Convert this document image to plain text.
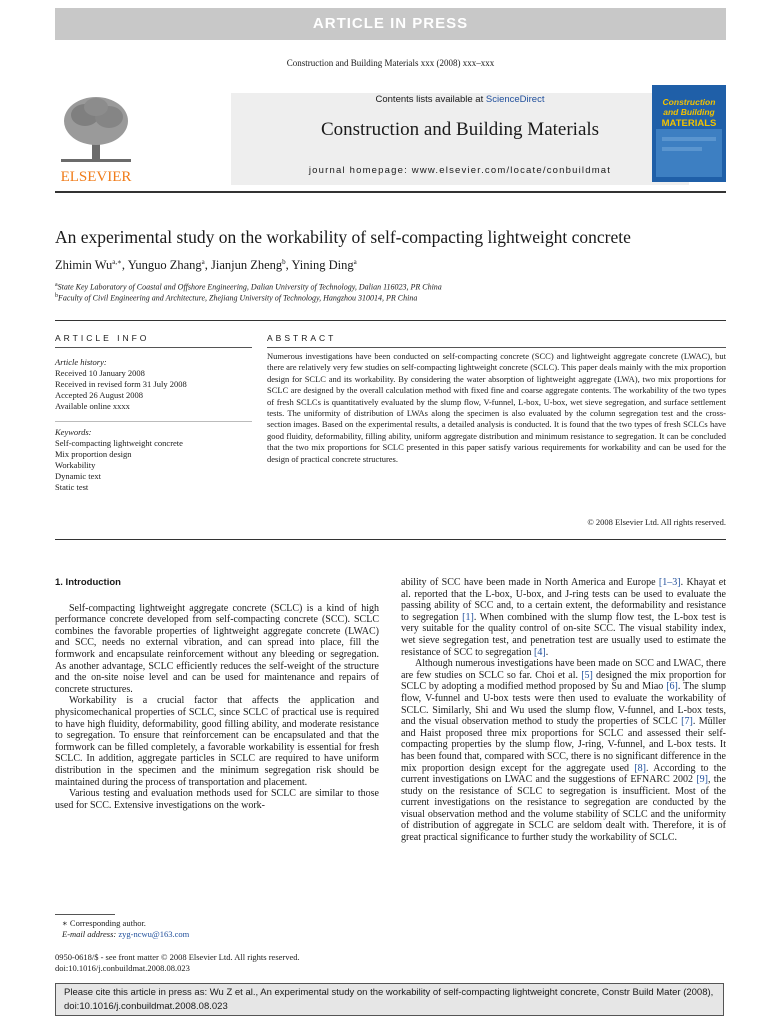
ARTICLE IN PRESS
Construction and Building Materials xxx (2008) xxx–xxx
ELSEVIER
Contents lists available at ScienceDirect
Construction and Building Materials
journal homepage: www.elsevier.com/locate/conbuildmat
Construction
and Building
MATERIALS
An experimental study on the workability of self-compacting lightweight concrete
Zhimin $Wu^{a,∗}$, Yunguo Zhang$^a$, Jianjun Zheng$^b$, Yining Ding$^a$
$^a$State Key Laboratory of Coastal and Offshore Engineering, Dalian University of Technology, Dalian 116023, PR China
$^b$Faculty of Civil Engineering and Architecture, Zhejiang University of Technology, Hangzhou 310014, PR China
ARTICLE INFO	ABSTRACT
Article history:
Received 10 January 2008
Received in revised form 31 July 2008
Accepted 26 August 2008
Available online xxxx
Keywords:
Self-compacting lightweight concrete
Mix proportion design
Workability
Dynamic text
Static test
Numerous investigations have been conducted on self-compacting concrete (SCC) and lightweight aggregate concrete (LWAC), but there are relatively very few studies on self-compacting lightweight concrete (SCLC). This paper deals mainly with the mix proportion design for SCLC and its workability. By considering the water absorption of lightweight aggregate (LWA), two mix proportions for SCLC are designed by the overall calculation method with fixed fine and coarse aggregate contents. The workability of the two types of fresh SCLCs is quantitatively evaluated by the slump flow, V-funnel, L-box, U-box, wet sieve segregation, and surface settlement tests. The uniformity of distribution of LWAs along the specimen is also evaluated by the column segregation test and the cross-section images. Based on the experimental results, a detailed analysis is conducted. It is found that the two types of fresh SCLCs have good fluidity, deformability, filling ability, uniform aggregate distribution and minimum resistance to segregation. It can be concluded that the two mix proportions for SCLC presented in this paper satisfy various requirements for workability and can be used for the design of practical concrete structures.
© 2008 Elsevier Ltd. All rights reserved.

1. Introduction

Self-compacting lightweight aggregate concrete (SCLC) is a kind of high performance concrete developed from self-compacting concrete (SCC). SCLC combines the favorable properties of lightweight aggregate concrete (LWAC) and SCC, needs no external vibration, and can spread into place, fill the formwork and encapsulate reinforcement without any bleeding or segregation. As another advantage, SCLC efficiently reduces the self-weight of the structure and the on-site noise level and can be used for maintenance and repairs of concrete structures.

Workability is a crucial factor that affects the application and physicomechanical properties of SCLC, since SCLC of practical use is required to have high fluidity, deformability, good filling ability, and moderate resistance to segregation. To ensure that reinforcement can be encapsulated and that the formwork can be filled completely, a favorable workability is essential for fresh SCLC. In addition, aggregate particles in SCLC are required to have uniform distribution in the specimen and the minimum segregation risk should be maintained during the process of transportation and placement.

Various testing and evaluation methods used for SCLC are similar to those used for SCC. Extensive investigations on the work-

ability of SCC have been made in North America and Europe [1–3]. Khayat et al. reported that the L-box, U-box, and J-ring tests can be used to evaluate the passing ability of SCC and, to a certain extent, the deformability and resistance to segregation [1]. When combined with the slump flow test, the L-box test is very suitable for the quality control of on-site SCC. The visual stability index, wet sieve segregation test, and penetration test are usually used to estimate the resistance of SCC to segregation [4].

Although numerous investigations have been made on SCC and LWAC, there are few studies on SCLC so far. Choi et al. [5] designed the mix proportion for SCLC by adopting a modified method proposed by Su and Miao [6]. The slump flow, V-funnel and U-box tests were then used to evaluate the workability of SCLC. Similarly, Shi and Wu used the slump flow, V-funnel, and L-box tests, and the visual observation method to study the properties of SCLC [7]. Müller and Haist proposed three mix proportions for SCLC and assessed their self-compacting properties by the slump flow, J-ring, V-funnel, and L-box tests. It has been found that, compared with SCC, there is no significant difference in the mix proportion design except for the aggregate used [8]. According to the current investigations on LWAC and the suggestions of EFNARC 2002 [9], the study on the resistance of SCLC to segregation is insufficient. Most of the current investigations on the resistance to segregation are conducted by the visual observation method and the volume stability of SCLC and the uniformity of distribution of aggregate in SCLC are seldom dealt with. Therefore, it is of great practical significance to further study the workability of SCLC.

∗ Corresponding author.
E-mail address: zyg-ncwu@163.com
0950-0618/$ - see front matter © 2008 Elsevier Ltd. All rights reserved.
doi:10.1016/j.conbuildmat.2008.08.023
Please cite this article in press as: Wu Z et al., An experimental study on the workability of self-compacting lightweight concrete, Constr Build Mater (2008), doi:10.1016/j.conbuildmat.2008.08.023
